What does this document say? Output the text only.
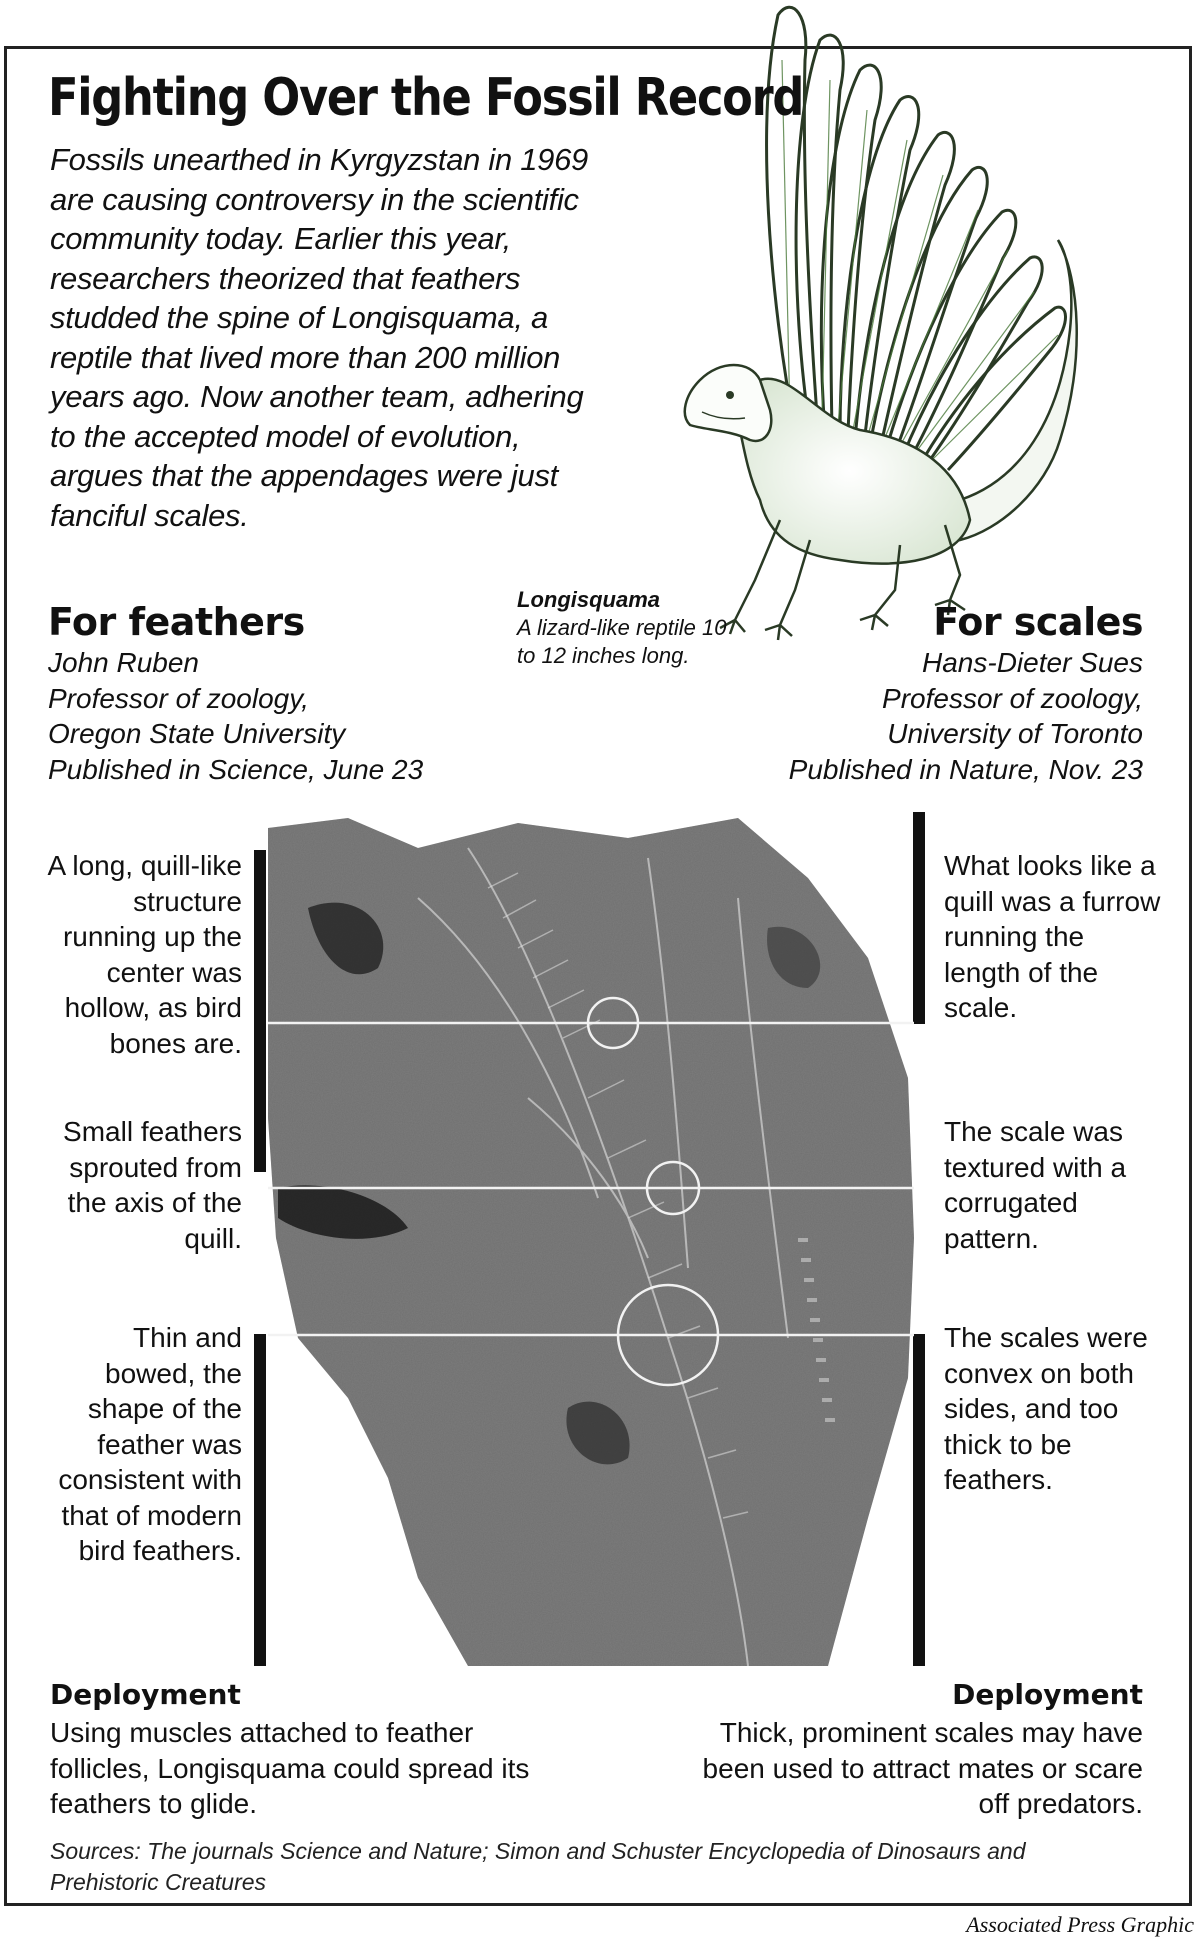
Fighting Over the Fossil Record

Fossils unearthed in Kyrgyzstan in 1969 are causing controversy in the scientific community today. Earlier this year, researchers theorized that feathers studded the spine of Longisquama, a reptile that lived more than 200 million years ago. Now another team, adhering to the accepted model of evolution, argues that the appendages were just fanciful scales.

Longisquama
A lizard-like reptile 10 to 12 inches long.
For feathers
John Ruben
Professor of zoology,
Oregon State University
Published in Science, June 23
For scales
Hans-Dieter Sues
Professor of zoology,
University of Toronto
Published in Nature, Nov. 23
A long, quill-like structure running up the center was hollow, as bird bones are.
Small feathers sprouted from the axis of the quill.
Thin and bowed, the shape of the feather was consistent with that of modern bird feathers.
What looks like a quill was a furrow running the length of the scale.
The scale was textured with a corrugated pattern.
The scales were convex on both sides, and too thick to be feathers.
Deployment
Using muscles attached to feather follicles, Longisquama could spread its feathers to glide.
Deployment
Thick, prominent scales may have been used to attract mates or scare off predators.
Sources: The journals Science and Nature; Simon and Schuster Encyclopedia of Dinosaurs and Prehistoric Creatures
Associated Press Graphic
